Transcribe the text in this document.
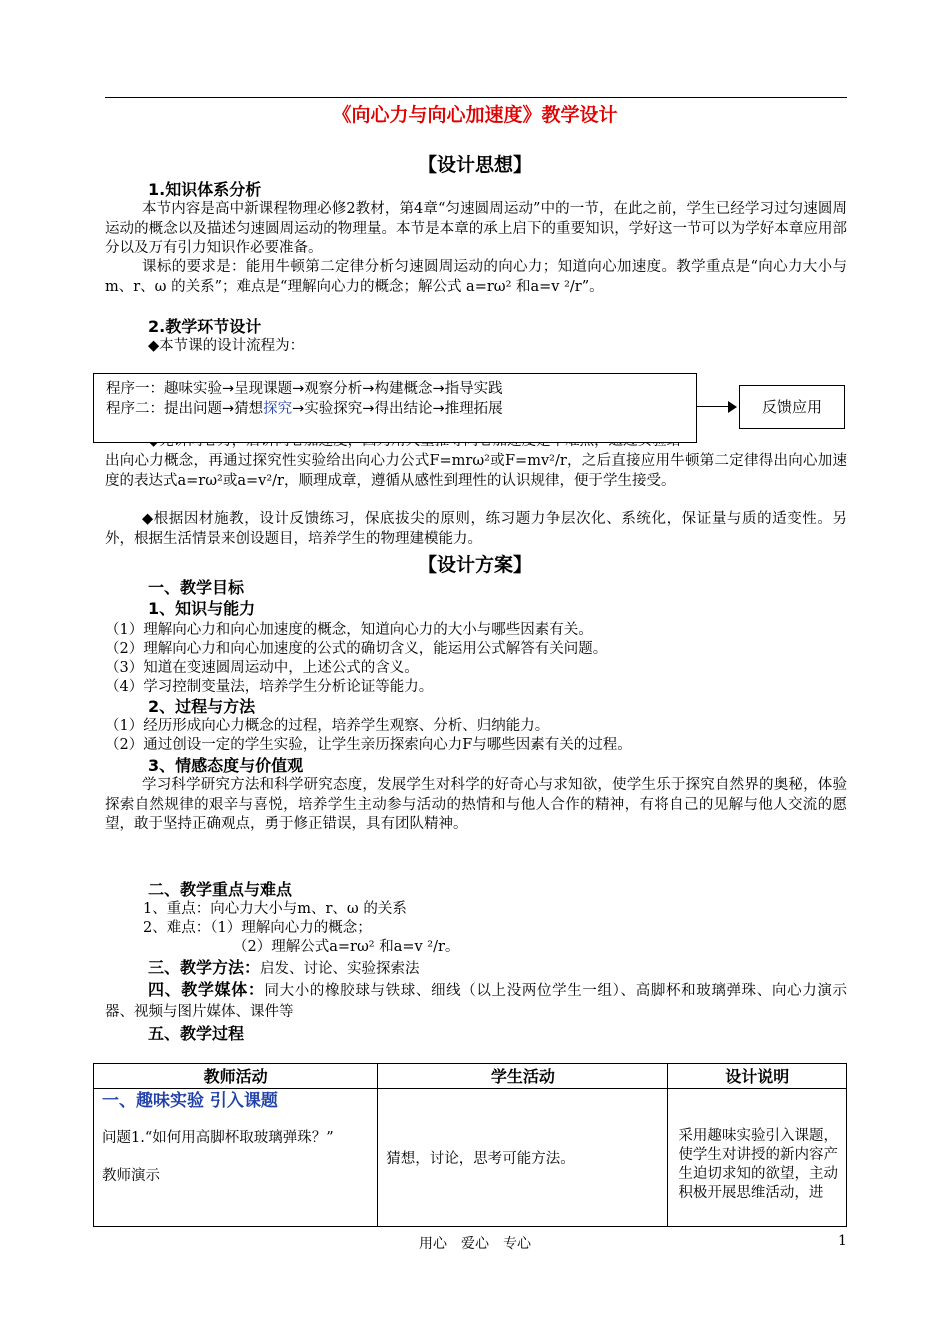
《向心力与向心加速度》教学设计
【设计思想】
1.知识体系分析
本节内容是高中新课程物理必修2教材，第4章“匀速圆周运动”中的一节，在此之前，学生已经学习过匀速圆周运动的概念以及描述匀速圆周运动的物理量。本节是本章的承上启下的重要知识，学好这一节可以为学好本章应用部分以及万有引力知识作必要准备。
课标的要求是：能用牛顿第二定律分析匀速圆周运动的向心力；知道向心加速度。教学重点是“向心力大小与m、r、ω 的关系”；难点是“理解向心力的概念；解公式 a=rω² 和a=v ²/r”。
2.教学环节设计
◆本节课的设计流程为：
程序一：趣味实验→呈现课题→观察分析→构建概念→指导实践
程序二：提出问题→猜想探究→实验探究→得出结论→推理拓展	反馈应用
出向心力概念，再通过探究性实验给出向心力公式F=mrω²或F=mv²/r，之后直接应用牛顿第二定律得出向心加速度的表达式a=rω²或a=v²/r，顺理成章，遵循从感性到理性的认识规律，便于学生接受。
◆根据因材施教，设计反馈练习，保底拔尖的原则，练习题力争层次化、系统化，保证量与质的适变性。另外，根据生活情景来创设题目，培养学生的物理建模能力。
【设计方案】
一、教学目标
1、知识与能力
（1）理解向心力和向心加速度的概念，知道向心力的大小与哪些因素有关。
（2）理解向心力和向心加速度的公式的确切含义，能运用公式解答有关问题。
（3）知道在变速圆周运动中，上述公式的含义。
（4）学习控制变量法，培养学生分析论证等能力。
2、过程与方法
（1）经历形成向心力概念的过程，培养学生观察、分析、归纳能力。
（2）通过创设一定的学生实验，让学生亲历探索向心力F与哪些因素有关的过程。
3、情感态度与价值观
学习科学研究方法和科学研究态度，发展学生对科学的好奇心与求知欲，使学生乐于探究自然界的奥秘，体验探索自然规律的艰辛与喜悦，培养学生主动参与活动的热情和与他人合作的精神，有将自己的见解与他人交流的愿望，敢于坚持正确观点，勇于修正错误，具有团队精神。
二、教学重点与难点
1、重点：向心力大小与m、r、ω 的关系
2、难点：（1）理解向心力的概念；
（2）理解公式a=rω² 和a=v ²/r。
三、教学方法：启发、讨论、实验探索法
四、教学媒体：同大小的橡胶球与铁球、细线（以上没两位学生一组）、高脚杯和玻璃弹珠、向心力演示器、视频与图片媒体、课件等
五、教学过程
教师活动	学生活动	设计说明

一、趣味实验 引入课题
问题1.“如何用高脚杯取玻璃弹珠？”
教师演示	猜想，讨论，思考可能方法。	采用趣味实验引入课题，使学生对讲授的新内容产生迫切求知的欲望，主动积极开展思维活动，进
用心　爱心　专心	1
